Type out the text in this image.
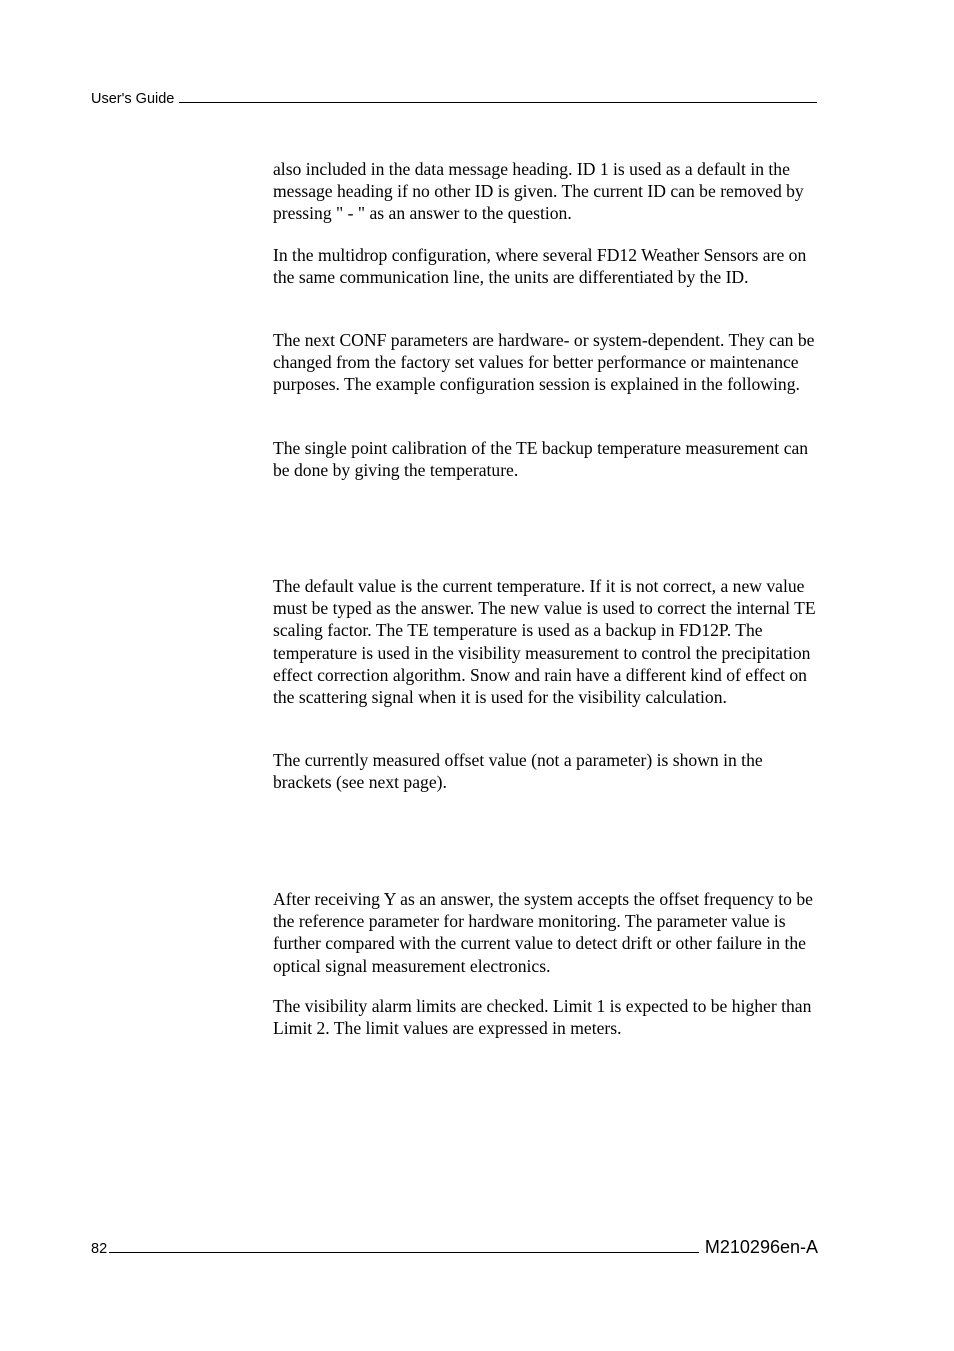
User's Guide

also included in the data message heading. ID 1 is used as a default in the message heading if no other ID is given. The current ID can be removed by pressing " - " as an answer to the question.

In the multidrop configuration, where several FD12 Weather Sensors are on the same communication line, the units are differentiated by the ID.

The next CONF parameters are hardware- or system-dependent. They can be changed from the factory set values for better performance or maintenance purposes. The example configuration session is explained in the following.

The single point calibration of the TE backup temperature measurement can be done by giving the temperature.

The default value is the current temperature. If it is not correct, a new value must be typed as the answer. The new value is used to correct the internal TE scaling factor. The TE temperature is used as a backup in FD12P. The temperature is used in the visibility measurement to control the precipitation effect correction algorithm. Snow and rain have a different kind of effect on the scattering signal when it is used for the visibility calculation.

The currently measured offset value (not a parameter) is shown in the brackets (see next page).

After receiving Y as an answer, the system accepts the offset frequency to be the reference parameter for hardware monitoring. The parameter value is further compared with the current value to detect drift or other failure in the optical signal measurement electronics.

The visibility alarm limits are checked. Limit 1 is expected to be higher than Limit 2. The limit values are expressed in meters.

82	M210296en-A
